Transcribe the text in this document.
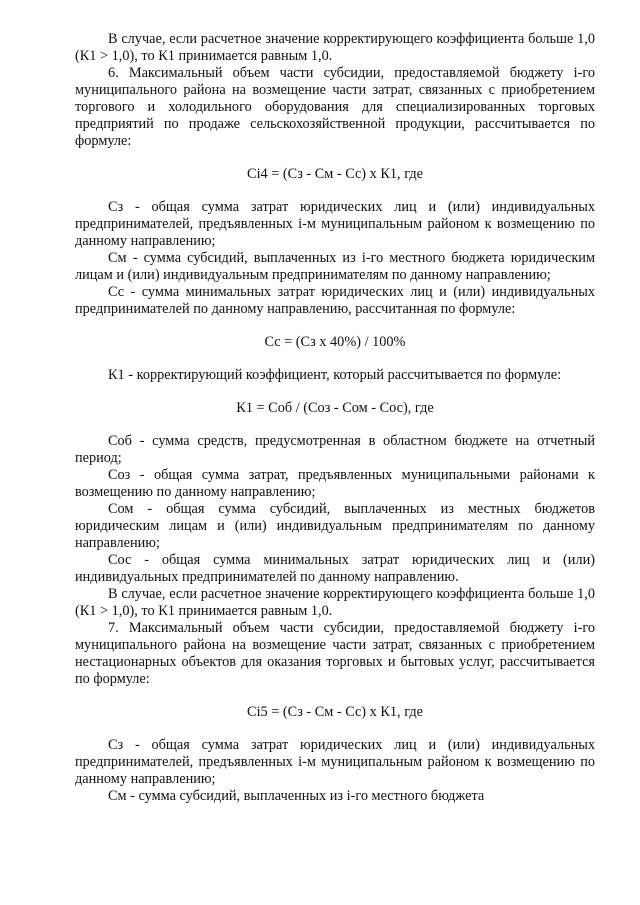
В случае, если расчетное значение корректирующего коэффициента больше 1,0 (К1 > 1,0), то К1 принимается равным 1,0.

6. Максимальный объем части субсидии, предоставляемой бюджету i-го муниципального района на возмещение части затрат, связанных с приобретением торгового и холодильного оборудования для специализированных торговых предприятий по продаже сельскохозяйственной продукции, рассчитывается по формуле:

Ci4 = (Сз - См - Сс) х К1, где

Сз - общая сумма затрат юридических лиц и (или) индивидуальных предпринимателей, предъявленных i-м муниципальным районом к возмещению по данному направлению;

См - сумма субсидий, выплаченных из i-го местного бюджета юридическим лицам и (или) индивидуальным предпринимателям по данному направлению;

Сс - сумма минимальных затрат юридических лиц и (или) индивидуальных предпринимателей по данному направлению, рассчитанная по формуле:

Сс = (Сз х 40%) / 100%

К1 - корректирующий коэффициент, который рассчитывается по формуле:

К1 = Соб / (Соз - Сом - Сос), где

Соб - сумма средств, предусмотренная в областном бюджете на отчетный период;

Соз - общая сумма затрат, предъявленных муниципальными районами к возмещению по данному направлению;

Сом - общая сумма субсидий, выплаченных из местных бюджетов юридическим лицам и (или) индивидуальным предпринимателям по данному направлению;

Сос - общая сумма минимальных затрат юридических лиц и (или) индивидуальных предпринимателей по данному направлению.

В случае, если расчетное значение корректирующего коэффициента больше 1,0 (К1 > 1,0), то К1 принимается равным 1,0.

7. Максимальный объем части субсидии, предоставляемой бюджету i-го муниципального района на возмещение части затрат, связанных с приобретением нестационарных объектов для оказания торговых и бытовых услуг, рассчитывается по формуле:

Ci5 = (Сз - См - Сс) х К1, где

Сз - общая сумма затрат юридических лиц и (или) индивидуальных предпринимателей, предъявленных i-м муниципальным районом к возмещению по данному направлению;

См - сумма субсидий, выплаченных из i-го местного бюджета
